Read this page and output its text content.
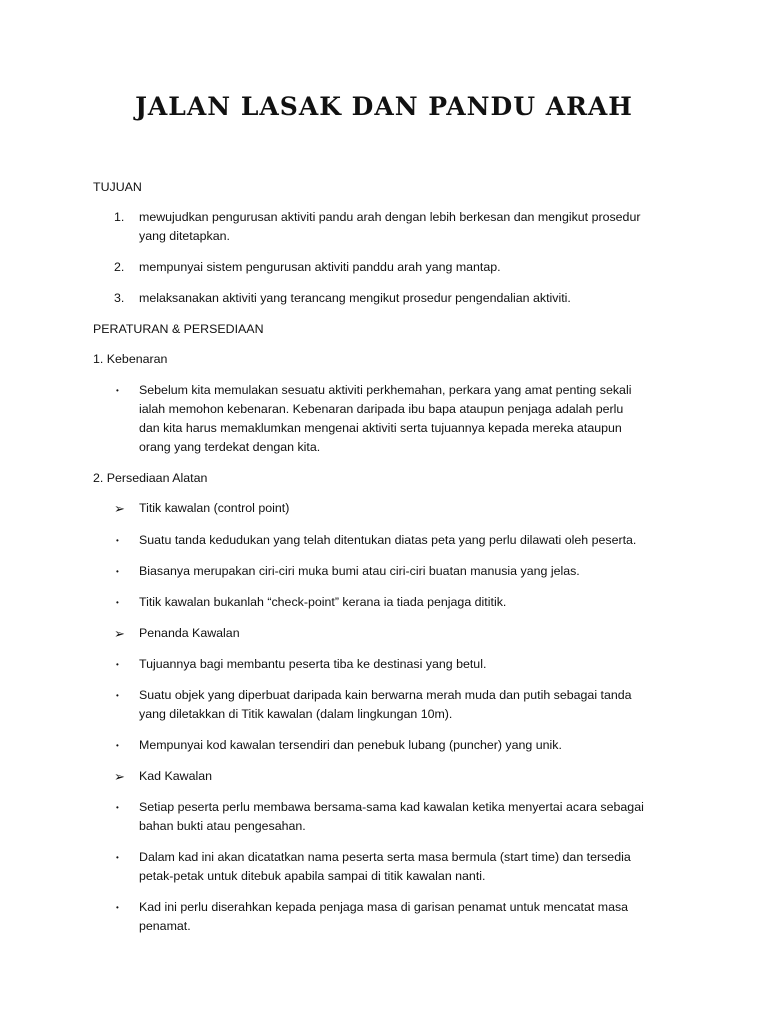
JALAN LASAK DAN PANDU ARAH

TUJUAN

1. mewujudkan pengurusan aktiviti pandu arah dengan lebih berkesan dan mengikut prosedur

yang ditetapkan.

2. mempunyai sistem pengurusan aktiviti panddu arah yang mantap.

3. melaksanakan aktiviti yang terancang mengikut prosedur pengendalian aktiviti.

PERATURAN & PERSEDIAAN

1. Kebenaran

• Sebelum kita memulakan sesuatu aktiviti perkhemahan, perkara yang amat penting sekali

ialah memohon kebenaran. Kebenaran daripada ibu bapa ataupun penjaga adalah perlu

dan kita harus memaklumkan mengenai aktiviti serta tujuannya kepada mereka ataupun

orang yang terdekat dengan kita.

2. Persediaan Alatan

➢ Titik kawalan (control point)

• Suatu tanda kedudukan yang telah ditentukan diatas peta yang perlu dilawati oleh peserta.

• Biasanya merupakan ciri-ciri muka bumi atau ciri-ciri buatan manusia yang jelas.

• Titik kawalan bukanlah “check-point” kerana ia tiada penjaga dititik.

➢ Penanda Kawalan

• Tujuannya bagi membantu peserta tiba ke destinasi yang betul.

• Suatu objek yang diperbuat daripada kain berwarna merah muda dan putih sebagai tanda

yang diletakkan di Titik kawalan (dalam lingkungan 10m).

• Mempunyai kod kawalan tersendiri dan penebuk lubang (puncher) yang unik.

➢ Kad Kawalan

• Setiap peserta perlu membawa bersama-sama kad kawalan ketika menyertai acara sebagai

bahan bukti atau pengesahan.

• Dalam kad ini akan dicatatkan nama peserta serta masa bermula (start time) dan tersedia

petak-petak untuk ditebuk apabila sampai di titik kawalan nanti.

• Kad ini perlu diserahkan kepada penjaga masa di garisan penamat untuk mencatat masa

penamat.
